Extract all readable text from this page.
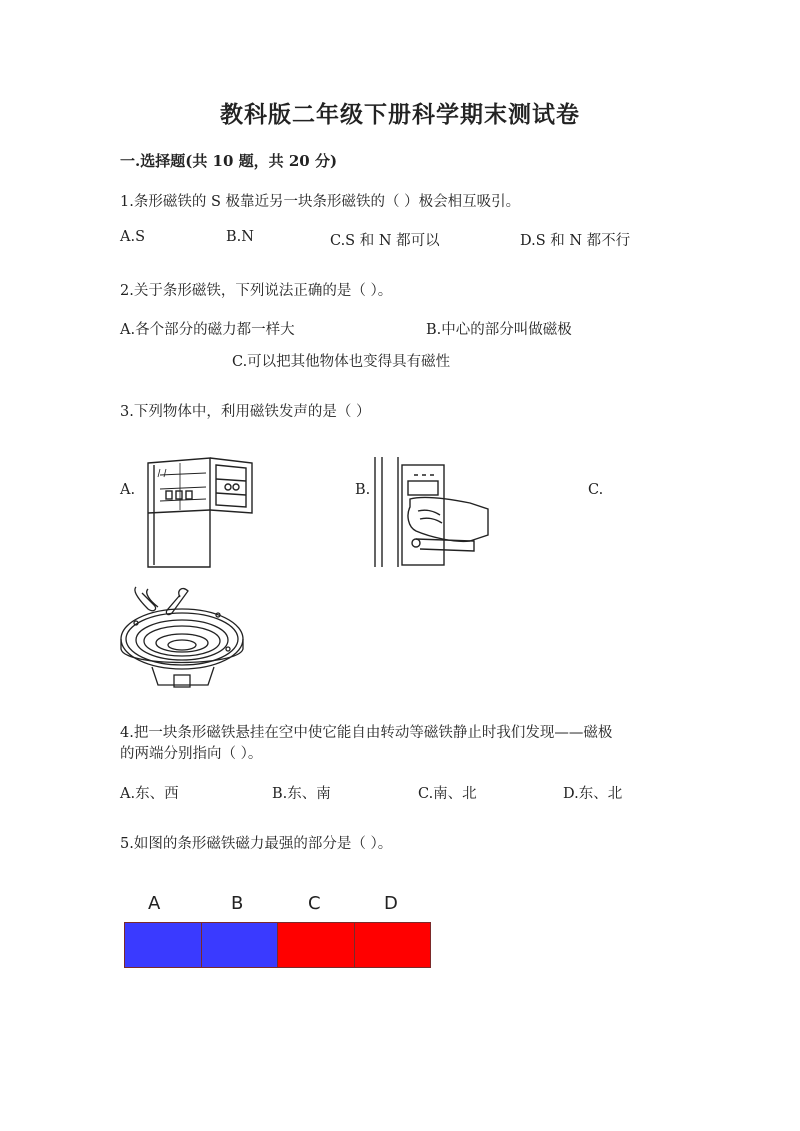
教科版二年级下册科学期末测试卷
一.选择题(共 10 题，共 20 分)
1.条形磁铁的 S 极靠近另一块条形磁铁的（ ）极会相互吸引。
A.S	B.N	C.S 和 N 都可以	D.S 和 N 都不行
2.关于条形磁铁，下列说法正确的是（ ）。
A.各个部分的磁力都一样大	B.中心的部分叫做磁极
C.可以把其他物体也变得具有磁性
3.下列物体中，利用磁铁发声的是（ ）
A.	B.	C.
4.把一块条形磁铁悬挂在空中使它能自由转动等磁铁静止时我们发现——磁极
的两端分别指向（ ）。
A.东、西	B.东、南	C.南、北	D.东、北
5.如图的条形磁铁磁力最强的部分是（ ）。
A	B	C	D
